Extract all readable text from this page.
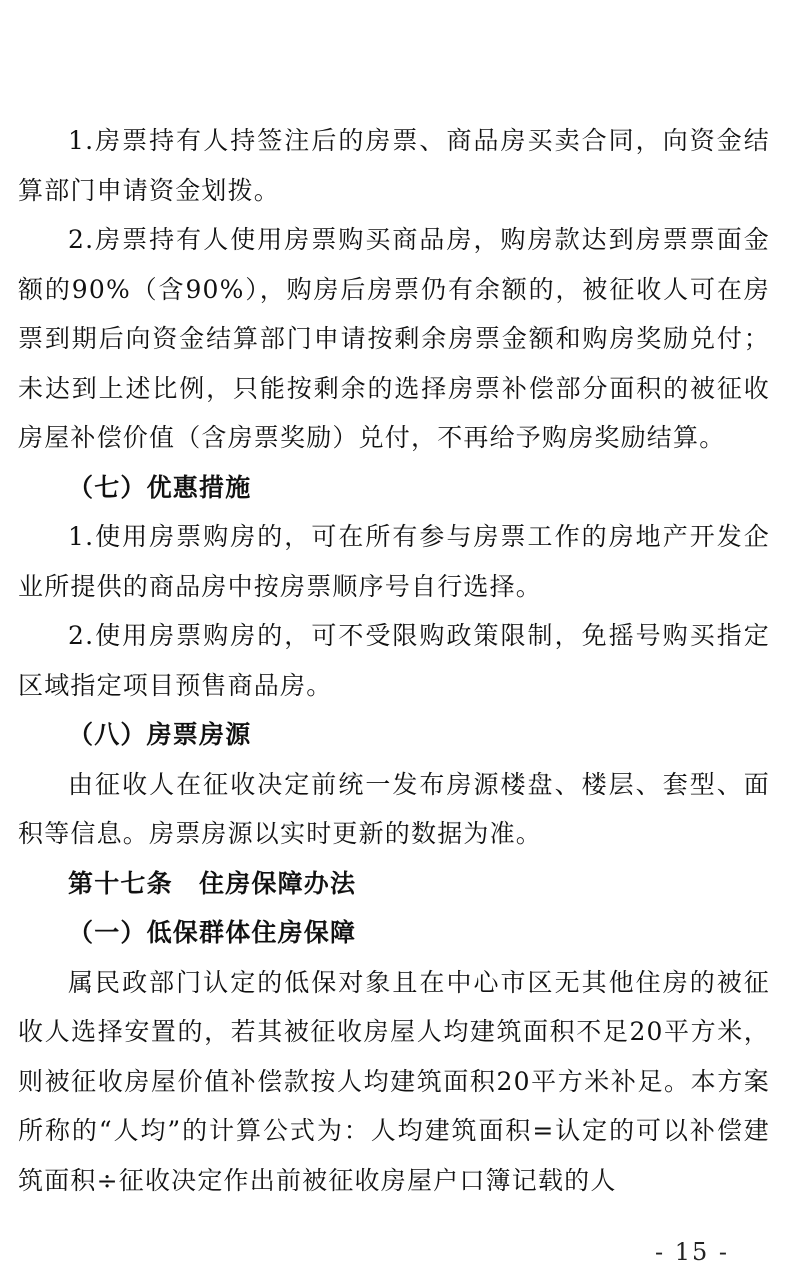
1.房票持有人持签注后的房票、商品房买卖合同，向资金结算部门申请资金划拨。

2.房票持有人使用房票购买商品房，购房款达到房票票面金额的90%（含90%），购房后房票仍有余额的，被征收人可在房票到期后向资金结算部门申请按剩余房票金额和购房奖励兑付；未达到上述比例，只能按剩余的选择房票补偿部分面积的被征收房屋补偿价值（含房票奖励）兑付，不再给予购房奖励结算。

（七）优惠措施

1.使用房票购房的，可在所有参与房票工作的房地产开发企业所提供的商品房中按房票顺序号自行选择。

2.使用房票购房的，可不受限购政策限制，免摇号购买指定区域指定项目预售商品房。

（八）房票房源

由征收人在征收决定前统一发布房源楼盘、楼层、套型、面积等信息。房票房源以实时更新的数据为准。

第十七条　住房保障办法

（一）低保群体住房保障

属民政部门认定的低保对象且在中心市区无其他住房的被征收人选择安置的，若其被征收房屋人均建筑面积不足20平方米，则被征收房屋价值补偿款按人均建筑面积20平方米补足。本方案所称的“人均”的计算公式为：人均建筑面积=认定的可以补偿建筑面积÷征收决定作出前被征收房屋户口簿记载的人

- 15 -
